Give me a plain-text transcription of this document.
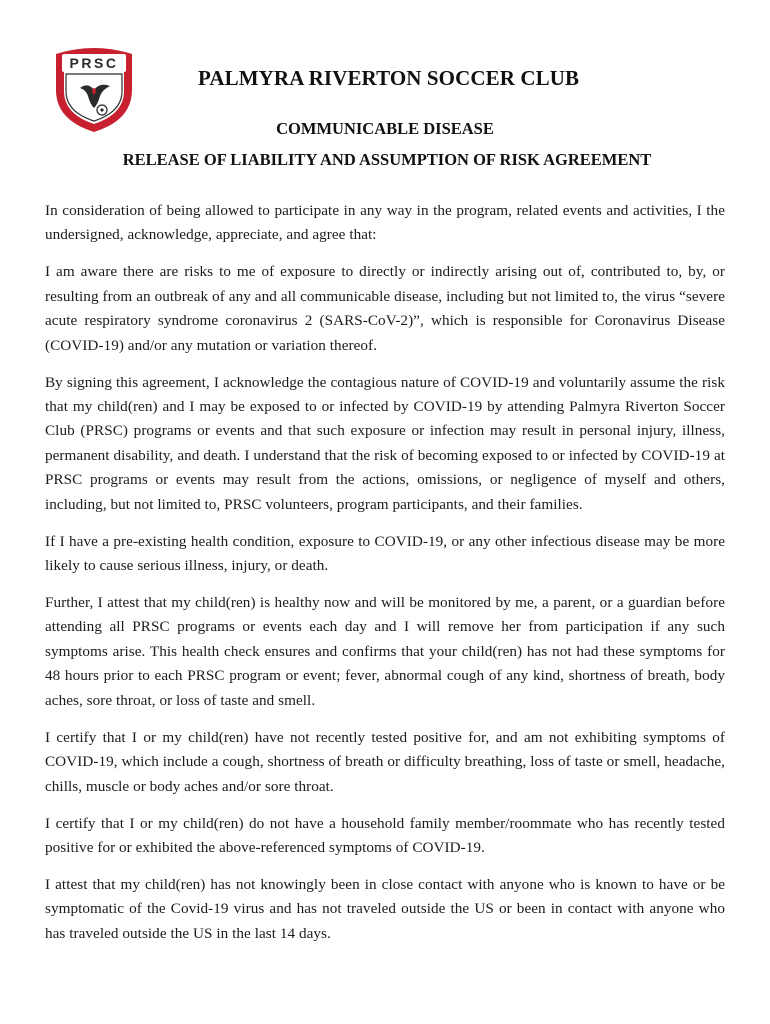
PRSC
PALMYRA RIVERTON SOCCER CLUB
COMMUNICABLE DISEASE
RELEASE OF LIABILITY AND ASSUMPTION OF RISK AGREEMENT

In consideration of being allowed to participate in any way in the program, related events and activities, I the undersigned, acknowledge, appreciate, and agree that:

I am aware there are risks to me of exposure to directly or indirectly arising out of, contributed to, by, or resulting from an outbreak of any and all communicable disease, including but not limited to, the virus “severe acute respiratory syndrome coronavirus 2 (SARS-CoV-2)”, which is responsible for Coronavirus Disease (COVID-19) and/or any mutation or variation thereof.

By signing this agreement, I acknowledge the contagious nature of COVID-19 and voluntarily assume the risk that my child(ren) and I may be exposed to or infected by COVID-19 by attending Palmyra Riverton Soccer Club (PRSC) programs or events and that such exposure or infection may result in personal injury, illness, permanent disability, and death. I understand that the risk of becoming exposed to or infected by COVID-19 at PRSC programs or events may result from the actions, omissions, or negligence of myself and others, including, but not limited to, PRSC volunteers, program participants, and their families.

If I have a pre-existing health condition, exposure to COVID-19, or any other infectious disease may be more likely to cause serious illness, injury, or death.

Further, I attest that my child(ren) is healthy now and will be monitored by me, a parent, or a guardian before attending all PRSC programs or events each day and I will remove her from participation if any such symptoms arise. This health check ensures and confirms that your child(ren) has not had these symptoms for 48 hours prior to each PRSC program or event; fever, abnormal cough of any kind, shortness of breath, body aches, sore throat, or loss of taste and smell.

I certify that I or my child(ren) have not recently tested positive for, and am not exhibiting symptoms of COVID-19, which include a cough, shortness of breath or difficulty breathing, loss of taste or smell, headache, chills, muscle or body aches and/or sore throat.

I certify that I or my child(ren) do not have a household family member/roommate who has recently tested positive for or exhibited the above-referenced symptoms of COVID-19.

I attest that my child(ren) has not knowingly been in close contact with anyone who is known to have or be symptomatic of the Covid-19 virus and has not traveled outside the US or been in contact with anyone who has traveled outside the US in the last 14 days.
